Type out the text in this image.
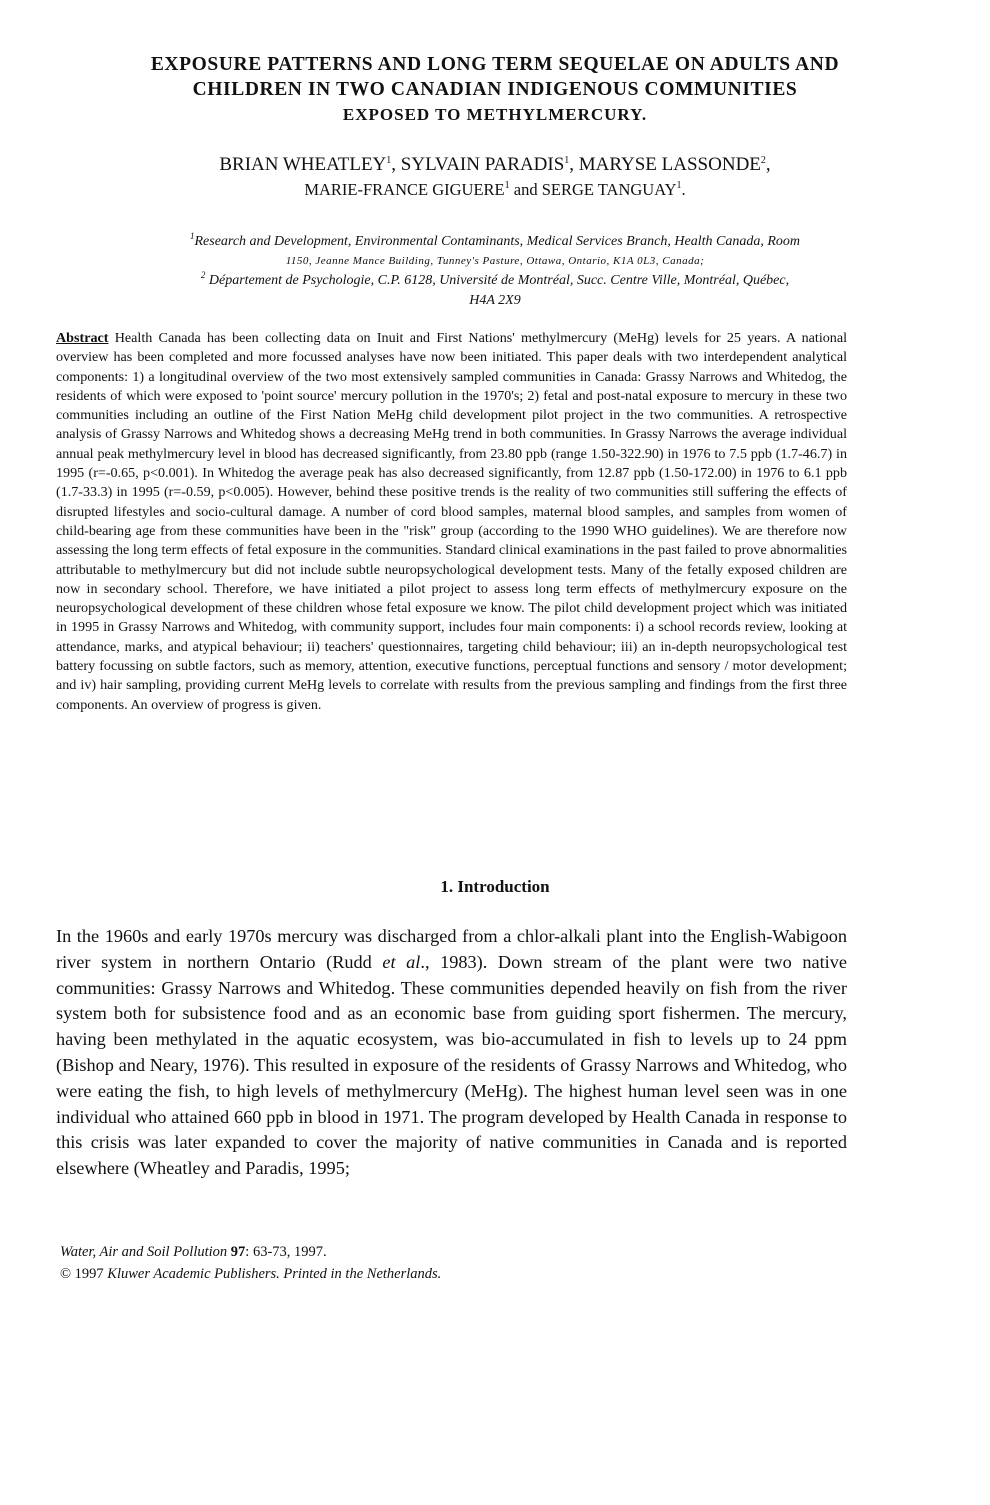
EXPOSURE PATTERNS AND LONG TERM SEQUELAE ON ADULTS AND
CHILDREN IN TWO CANADIAN INDIGENOUS COMMUNITIES
EXPOSED TO METHYLMERCURY.
BRIAN WHEATLEY$^1$, SYLVAIN PARADIS$^1$, MARYSE LASSONDE$^2$,
MARIE-FRANCE GIGUERE$^1$ and SERGE TANGUAY$^1$.
$^1$Research and Development, Environmental Contaminants, Medical Services Branch, Health Canada, Room
1150, Jeanne Mance Building, Tunney's Pasture, Ottawa, Ontario, K1A 0L3, Canada;
$^2$ Département de Psychologie, C.P. 6128, Université de Montréal, Succ. Centre Ville, Montréal, Québec,
H4A 2X9

Abstract Health Canada has been collecting data on Inuit and First Nations' methylmercury (MeHg) levels for 25 years. A national overview has been completed and more focussed analyses have now been initiated. This paper deals with two interdependent analytical components: 1) a longitudinal overview of the two most extensively sampled communities in Canada: Grassy Narrows and Whitedog, the residents of which were exposed to 'point source' mercury pollution in the 1970's; 2) fetal and post-natal exposure to mercury in these two communities including an outline of the First Nation MeHg child development pilot project in the two communities. A retrospective analysis of Grassy Narrows and Whitedog shows a decreasing MeHg trend in both communities. In Grassy Narrows the average individual annual peak methylmercury level in blood has decreased significantly, from 23.80 ppb (range 1.50-322.90) in 1976 to 7.5 ppb (1.7-46.7) in 1995 (r=-0.65, p<0.001). In Whitedog the average peak has also decreased significantly, from 12.87 ppb (1.50-172.00) in 1976 to 6.1 ppb (1.7-33.3) in 1995 (r=-0.59, p<0.005). However, behind these positive trends is the reality of two communities still suffering the effects of disrupted lifestyles and socio-cultural damage. A number of cord blood samples, maternal blood samples, and samples from women of child-bearing age from these communities have been in the "risk" group (according to the 1990 WHO guidelines). We are therefore now assessing the long term effects of fetal exposure in the communities. Standard clinical examinations in the past failed to prove abnormalities attributable to methylmercury but did not include subtle neuropsychological development tests. Many of the fetally exposed children are now in secondary school. Therefore, we have initiated a pilot project to assess long term effects of methylmercury exposure on the neuropsychological development of these children whose fetal exposure we know. The pilot child development project which was initiated in 1995 in Grassy Narrows and Whitedog, with community support, includes four main components: i) a school records review, looking at attendance, marks, and atypical behaviour; ii) teachers' questionnaires, targeting child behaviour; iii) an in-depth neuropsychological test battery focussing on subtle factors, such as memory, attention, executive functions, perceptual functions and sensory / motor development; and iv) hair sampling, providing current MeHg levels to correlate with results from the previous sampling and findings from the first three components. An overview of progress is given.

1. Introduction

In the 1960s and early 1970s mercury was discharged from a chlor-alkali plant into the English-Wabigoon river system in northern Ontario (Rudd et al., 1983). Down stream of the plant were two native communities: Grassy Narrows and Whitedog. These communities depended heavily on fish from the river system both for subsistence food and as an economic base from guiding sport fishermen. The mercury, having been methylated in the aquatic ecosystem, was bio-accumulated in fish to levels up to 24 ppm (Bishop and Neary, 1976). This resulted in exposure of the residents of Grassy Narrows and Whitedog, who were eating the fish, to high levels of methylmercury (MeHg). The highest human level seen was in one individual who attained 660 ppb in blood in 1971. The program developed by Health Canada in response to this crisis was later expanded to cover the majority of native communities in Canada and is reported elsewhere (Wheatley and Paradis, 1995;

Water, Air and Soil Pollution 97: 63-73, 1997.
© 1997 Kluwer Academic Publishers. Printed in the Netherlands.
